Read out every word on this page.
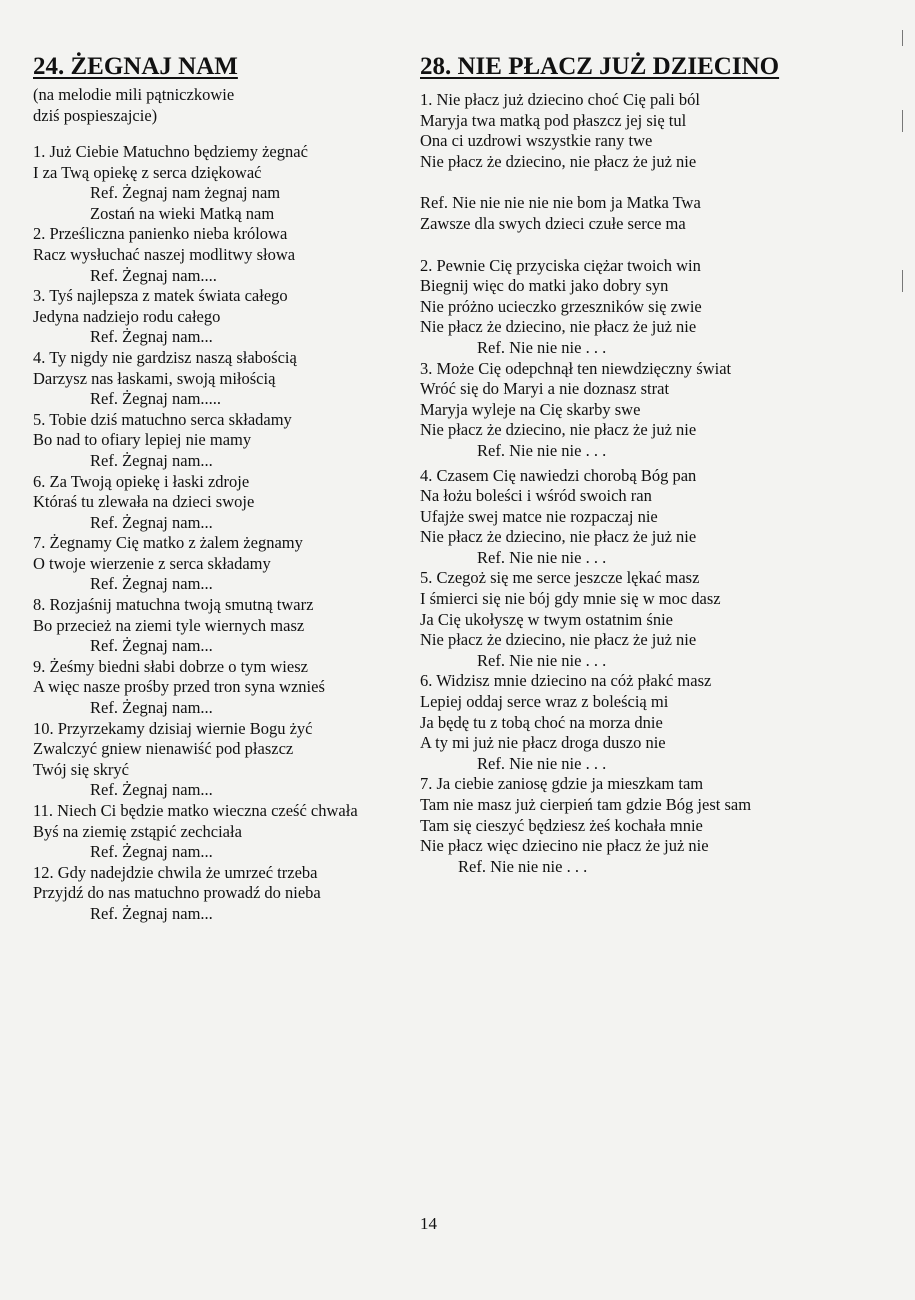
24. ŻEGNAJ NAM
(na melodie mili pątniczkowie
dziś pospieszajcie)

1. Już Ciebie Matuchno będziemy żegnać

I za Twą opiekę z serca dziękować

Ref. Żegnaj nam żegnaj nam

Zostań na wieki Matką nam

2. Prześliczna panienko nieba królowa

Racz wysłuchać naszej modlitwy słowa

Ref. Żegnaj nam....

3. Tyś najlepsza z matek świata całego

Jedyna nadziejo rodu całego

Ref. Żegnaj nam...

4. Ty nigdy nie gardzisz naszą słabością

Darzysz nas łaskami, swoją miłością

Ref. Żegnaj nam.....

5. Tobie dziś matuchno serca składamy

Bo nad to ofiary lepiej nie mamy

Ref. Żegnaj nam...

6. Za Twoją opiekę i łaski zdroje

Któraś tu zlewała na dzieci swoje

Ref. Żegnaj nam...

7. Żegnamy Cię matko z żalem żegnamy

O twoje wierzenie z serca składamy

Ref. Żegnaj nam...

8. Rozjaśnij matuchna twoją smutną twarz

Bo przecież na ziemi tyle wiernych masz

Ref. Żegnaj nam...

9. Żeśmy biedni słabi dobrze o tym wiesz

A więc nasze prośby przed tron syna wznieś

Ref. Żegnaj nam...

10. Przyrzekamy dzisiaj wiernie Bogu żyć

Zwalczyć gniew nienawiść pod płaszcz

Twój się skryć

Ref. Żegnaj nam...

11. Niech Ci będzie matko wieczna cześć chwała

Byś na ziemię zstąpić zechciała

Ref. Żegnaj nam...

12. Gdy nadejdzie chwila że umrzeć trzeba

Przyjdź do nas matuchno prowadź do nieba

Ref. Żegnaj nam...

28. NIE PŁACZ JUŻ DZIECINO

1. Nie płacz już dziecino choć Cię pali ból

Maryja twa matką pod płaszcz jej się tul

Ona ci uzdrowi wszystkie rany twe

Nie płacz że dziecino, nie płacz że już nie

Ref. Nie nie nie nie nie bom ja Matka Twa

Zawsze dla swych dzieci czułe serce ma

2. Pewnie Cię przyciska ciężar twoich win

Biegnij więc do matki jako dobry syn

Nie próżno ucieczko grzeszników się zwie

Nie płacz że dziecino, nie płacz że już nie

Ref. Nie nie nie . . .

3. Może Cię odepchnął ten niewdzięczny świat

Wróć się do Maryi a nie doznasz strat

Maryja wyleje na Cię skarby swe

Nie płacz że dziecino, nie płacz że już nie

Ref. Nie nie nie . . .

4. Czasem Cię nawiedzi chorobą Bóg pan

Na łożu boleści i wśród swoich ran

Ufajże swej matce nie rozpaczaj nie

Nie płacz że dziecino, nie płacz że już nie

Ref. Nie nie nie . . .

5. Czegoż się me serce jeszcze lękać masz

I śmierci się nie bój gdy mnie się w moc dasz

Ja Cię ukołyszę w twym ostatnim śnie

Nie płacz że dziecino, nie płacz że już nie

Ref. Nie nie nie . . .

6. Widzisz mnie dziecino na cóż płakć masz

Lepiej oddaj serce wraz z boleścią mi

Ja będę tu z tobą choć na morza dnie

A ty mi już nie płacz droga duszo nie

Ref. Nie nie nie . . .

7. Ja ciebie zaniosę gdzie ja mieszkam tam

Tam nie masz już cierpień tam gdzie Bóg jest sam

Tam się cieszyć będziesz żeś kochała mnie

Nie płacz więc dziecino nie płacz że już nie

Ref. Nie nie nie . . .

14
